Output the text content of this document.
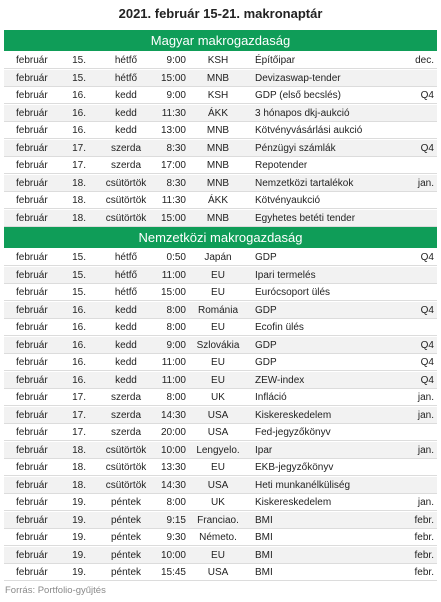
2021. február 15-21. makronaptár
Magyar makrogazdaság
február	15.	hétfő	9:00	KSH	Építőipar	dec.
február	15.	hétfő	15:00	MNB	Devizaswap-tender
február	16.	kedd	9:00	KSH	GDP (első becslés)	Q4
február	16.	kedd	11:30	ÁKK	3 hónapos dkj-aukció
február	16.	kedd	13:00	MNB	Kötvényvásárlási aukció
február	17.	szerda	8:30	MNB	Pénzügyi számlák	Q4
február	17.	szerda	17:00	MNB	Repotender
február	18.	csütörtök	8:30	MNB	Nemzetközi tartalékok	jan.
február	18.	csütörtök	11:30	ÁKK	Kötvényaukció
február	18.	csütörtök	15:00	MNB	Egyhetes betéti tender
Nemzetközi makrogazdaság
február	15.	hétfő	0:50	Japán	GDP	Q4
február	15.	hétfő	11:00	EU	Ipari termelés
február	15.	hétfő	15:00	EU	Eurócsoport ülés
február	16.	kedd	8:00	Románia	GDP	Q4
február	16.	kedd	8:00	EU	Ecofin ülés
február	16.	kedd	9:00	Szlovákia	GDP	Q4
február	16.	kedd	11:00	EU	GDP	Q4
február	16.	kedd	11:00	EU	ZEW-index	Q4
február	17.	szerda	8:00	UK	Infláció	jan.
február	17.	szerda	14:30	USA	Kiskereskedelem	jan.
február	17.	szerda	20:00	USA	Fed-jegyzőkönyv
február	18.	csütörtök	10:00	Lengyelo.	Ipar	jan.
február	18.	csütörtök	13:30	EU	EKB-jegyzőkönyv
február	18.	csütörtök	14:30	USA	Heti munkanélküliség
február	19.	péntek	8:00	UK	Kiskereskedelem	jan.
február	19.	péntek	9:15	Franciao.	BMI	febr.
február	19.	péntek	9:30	Németo.	BMI	febr.
február	19.	péntek	10:00	EU	BMI	febr.
február	19.	péntek	15:45	USA	BMI	febr.
Forrás: Portfolio-gyűjtés
